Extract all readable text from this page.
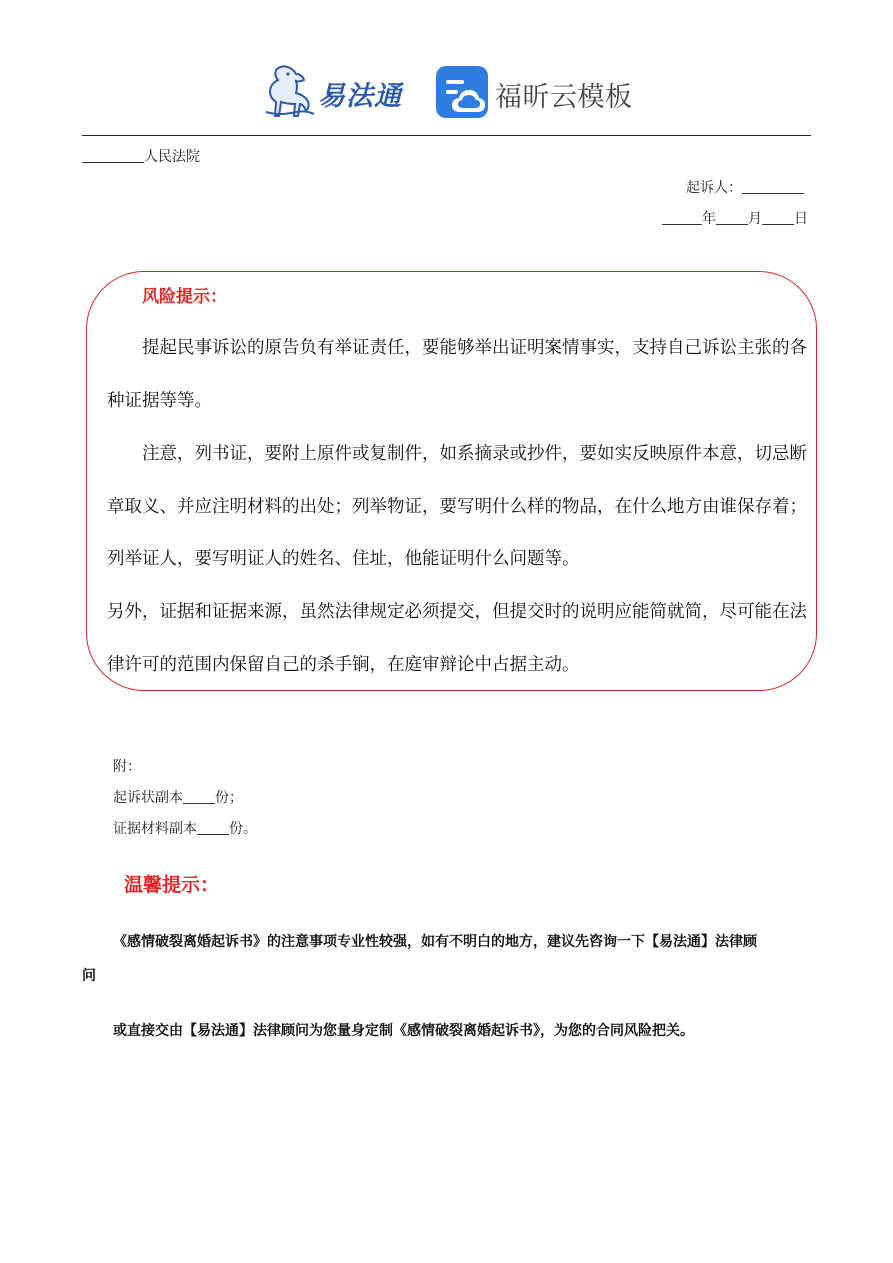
易法通	福昕云模板
人民法院
起诉人：
年 月 日
风险提示：
提起民事诉讼的原告负有举证责任，要能够举出证明案情事实，支持自己诉讼主张的各
种证据等等。
注意，列书证，要附上原件或复制件，如系摘录或抄件，要如实反映原件本意，切忌断
章取义、并应注明材料的出处；列举物证，要写明什么样的物品，在什么地方由谁保存着；
列举证人，要写明证人的姓名、住址，他能证明什么问题等。
另外，证据和证据来源，虽然法律规定必须提交，但提交时的说明应能简就简，尽可能在法
律许可的范围内保留自己的杀手锏，在庭审辩论中占据主动。
附：
起诉状副本 份；
证据材料副本 份。
温馨提示：
《感情破裂离婚起诉书》的注意事项专业性较强，如有不明白的地方，建议先咨询一下【易法通】法律顾
问
或直接交由【易法通】法律顾问为您量身定制《感情破裂离婚起诉书》，为您的合同风险把关。
